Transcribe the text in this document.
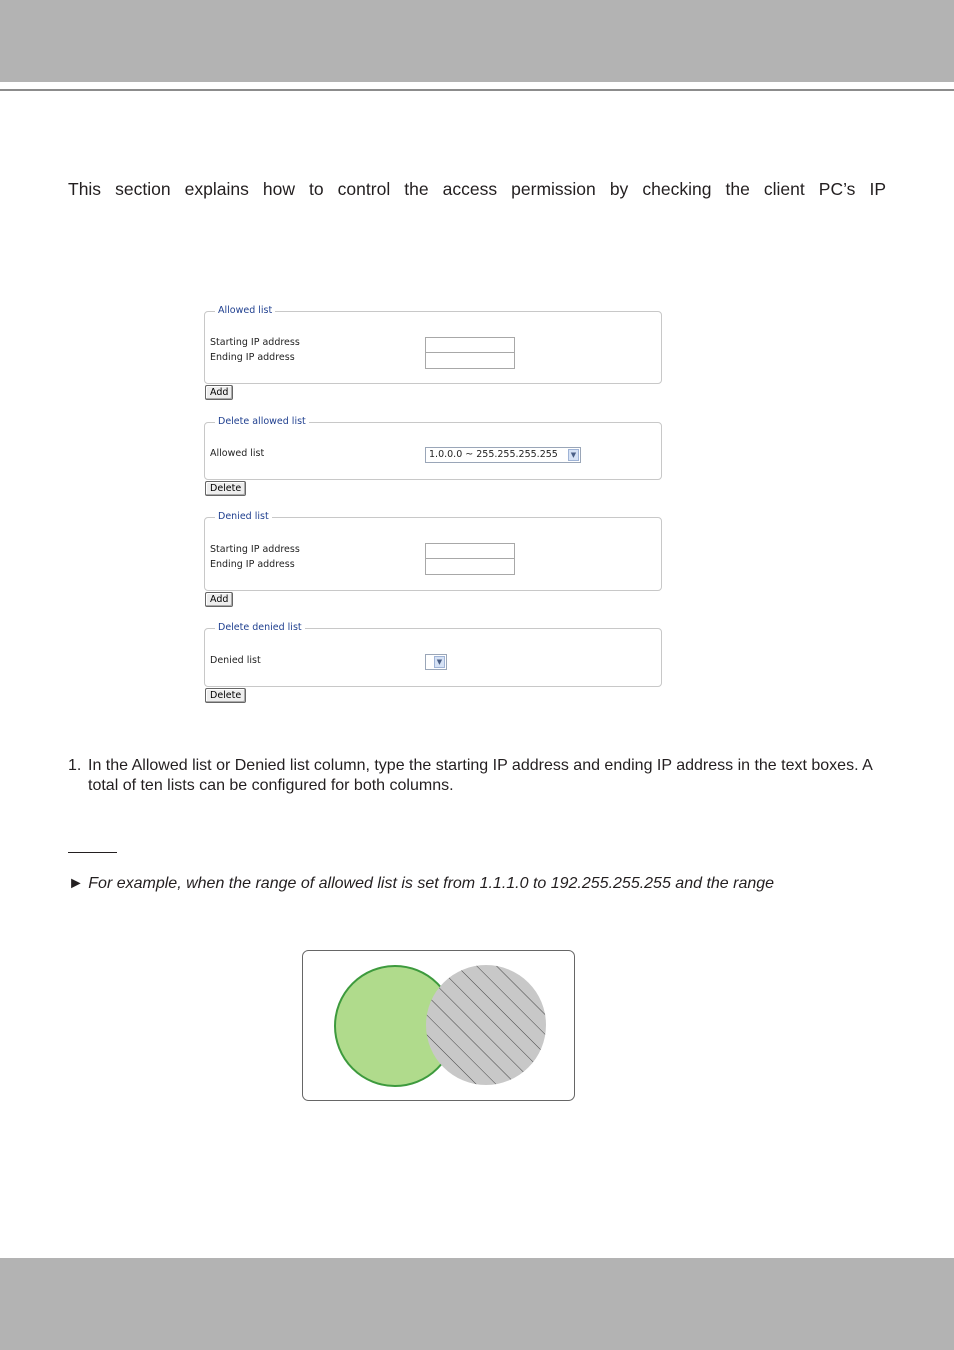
This section explains how to control the access permission by checking the client PC’s IP
Allowed list
Starting IP address
Ending IP address
Add
Delete allowed list
Allowed list	1.0.0.0 ~ 255.255.255.255	▼
Delete
Denied list
Starting IP address
Ending IP address
Add
Delete denied list
Denied list	▼
Delete
1. In the Allowed list or Denied list column, type the starting IP address and ending IP address in the text boxes. A total of ten lists can be configured for both columns.
► For example, when the range of allowed list is set from 1.1.1.0 to 192.255.255.255 and the range
